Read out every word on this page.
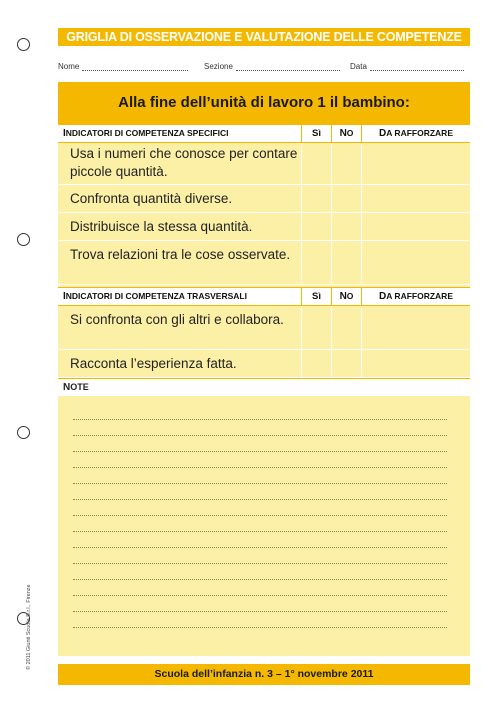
© 2011 Giunti Scuola S.r.l., Firenze
GRIGLIA DI OSSERVAZIONE E VALUTAZIONE DELLE COMPETENZE
Nome	Sezione	Data
Alla fine dell’unità di lavoro 1 il bambino:
INDICATORI DI COMPETENZA SPECIFICI	Sì	NO	DA RAFFORZARE
Usa i numeri che conosce per contare piccole quantità.
Confronta quantità diverse.
Distribuisce la stessa quantità.
Trova relazioni tra le cose osservate.
INDICATORI DI COMPETENZA TRASVERSALI	Sì	NO	DA RAFFORZARE
Si confronta con gli altri e collabora.
Racconta l’esperienza fatta.
NOTE
Scuola dell’infanzia n. 3 – 1° novembre 2011
